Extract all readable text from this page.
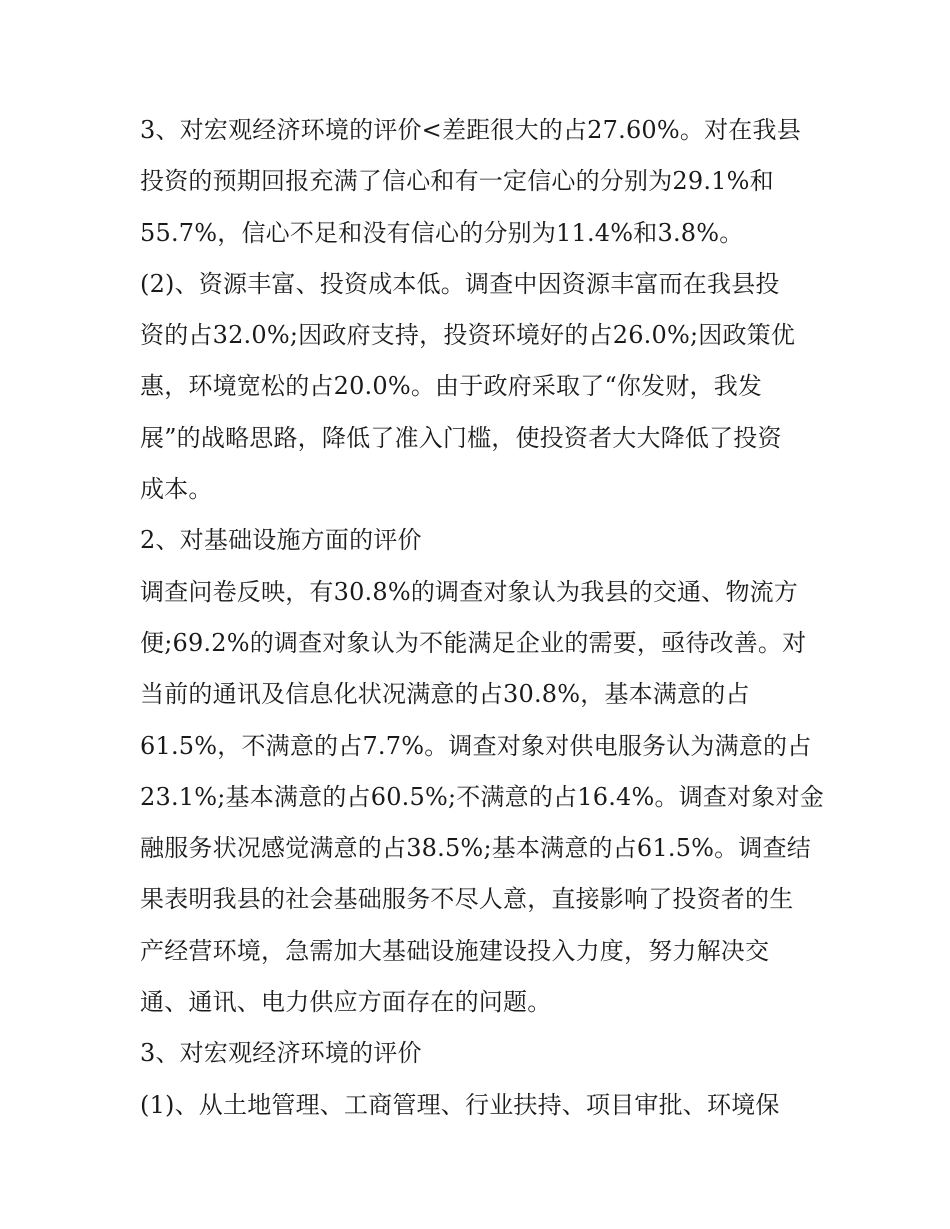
3、对宏观经济环境的评价<差距很大的占27.60%。对在我县
投资的预期回报充满了信心和有一定信心的分别为29.1%和
55.7%，信心不足和没有信心的分别为11.4%和3.8%。
(2)、资源丰富、投资成本低。调查中因资源丰富而在我县投
资的占32.0%;因政府支持，投资环境好的占26.0%;因政策优
惠，环境宽松的占20.0%。由于政府采取了“你发财，我发
展”的战略思路，降低了准入门槛，使投资者大大降低了投资
成本。
2、对基础设施方面的评价
调查问卷反映，有30.8%的调查对象认为我县的交通、物流方
便;69.2%的调查对象认为不能满足企业的需要，亟待改善。对
当前的通讯及信息化状况满意的占30.8%，基本满意的占
61.5%，不满意的占7.7%。调查对象对供电服务认为满意的占
23.1%;基本满意的占60.5%;不满意的占16.4%。调查对象对金
融服务状况感觉满意的占38.5%;基本满意的占61.5%。调查结
果表明我县的社会基础服务不尽人意，直接影响了投资者的生
产经营环境，急需加大基础设施建设投入力度，努力解决交
通、通讯、电力供应方面存在的问题。
3、对宏观经济环境的评价
(1)、从土地管理、工商管理、行业扶持、项目审批、环境保
